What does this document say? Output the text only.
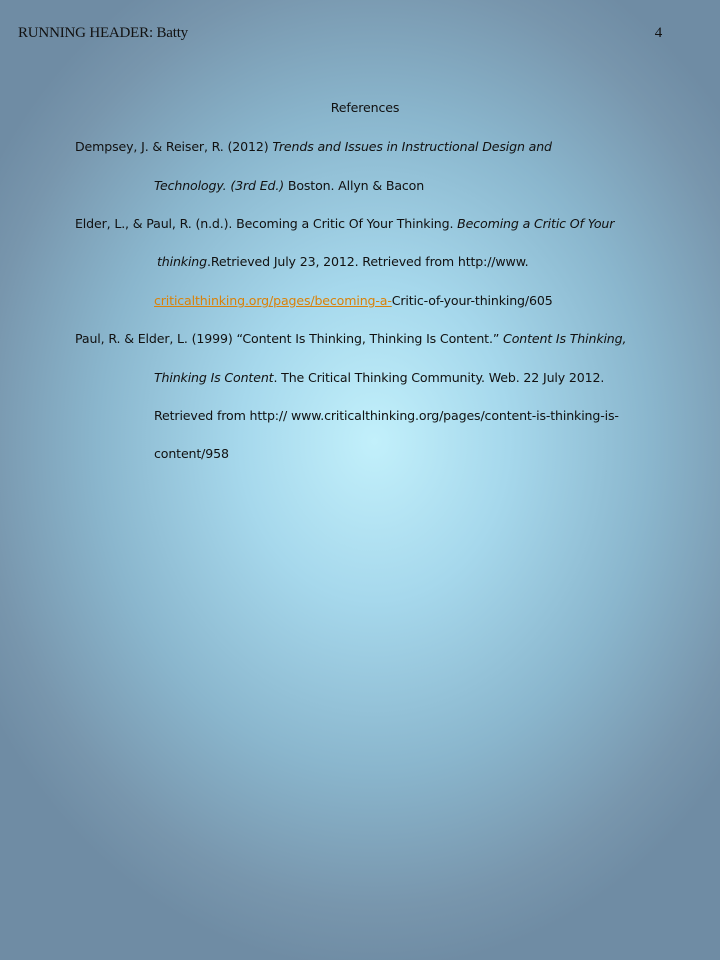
RUNNING HEADER: Batty	4
References
Dempsey, J. & Reiser, R. (2012) Trends and Issues in Instructional Design and
Technology. (3rd Ed.) Boston. Allyn & Bacon
Elder, L., & Paul, R. (n.d.). Becoming a Critic Of Your Thinking. Becoming a Critic Of Your
thinking.Retrieved July 23, 2012. Retrieved from http://www.
criticalthinking.org/pages/becoming-a-Critic-of-your-thinking/605
Paul, R. & Elder, L. (1999) “Content Is Thinking, Thinking Is Content.” Content Is Thinking,
Thinking Is Content. The Critical Thinking Community. Web. 22 July 2012.
Retrieved from http:// www.criticalthinking.org/pages/content-is-thinking-is-
content/958
